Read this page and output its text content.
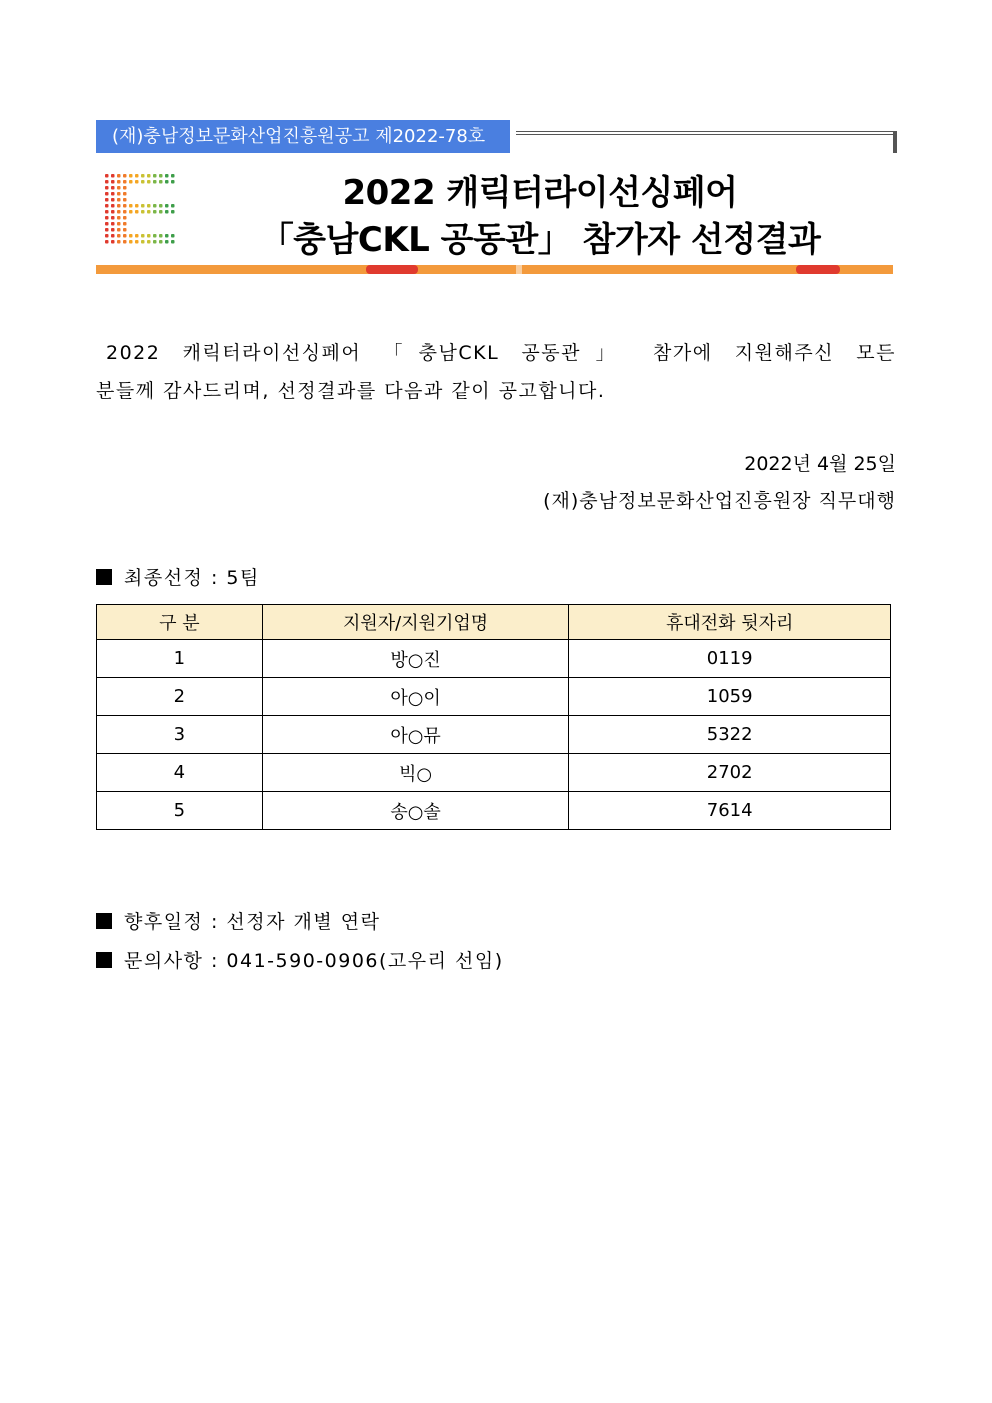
(재)충남정보문화산업진흥원공고 제2022-78호
2022 캐릭터라이선싱페어
「충남CKL 공동관」 참가자 선정결과
2022 캐릭터라이선싱페어 「충남CKL 공동관」 참가에 지원해주신 모든
분들께 감사드리며, 선정결과를 다음과 같이 공고합니다.
2022년 4월 25일
(재)충남정보문화산업진흥원장 직무대행
최종선정 : 5팀
구 분	지원자/지원기업명	휴대전화 뒷자리
1	방○진	0119
2	아○이	1059
3	아○뮤	5322
4	빅○	2702
5	송○솔	7614
향후일정 : 선정자 개별 연락
문의사항 : 041-590-0906(고우리 선임)
